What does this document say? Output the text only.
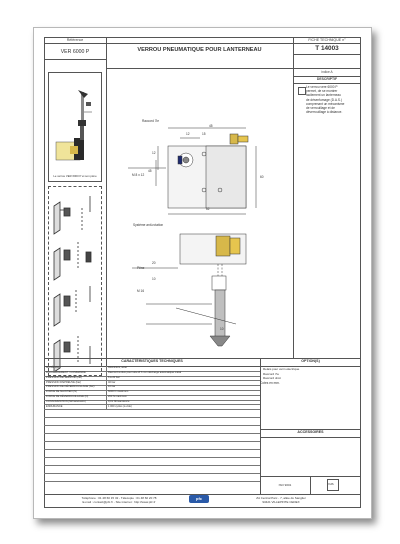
Référence
VER 6000 P	VERROU PNEUMATIQUE POUR LANTERNEAU
FICHE TECHNIQUE n°
T 14003
indice A
DESCRIPTIF
Le verrou vere 6000 P
permet, de se montrer
facilement un lanterneau
de désenfumage (D.A.S.)
comprenant un mécanisme
de verrouillage et de
déverrouillage à distance.
Le verrou VER 6000 P et son pêne
Raccord 7ie
M 8 x 12
Système anti-rotation
Pêne
M 16
Cotes en mm.
45
12	15
12
45
60
62
20
10
10
CARACTÉRISTIQUES TECHNIQUES	OPTION(S)
MATÉRIAUX	Aluminium, acier
RACCORDEMENT / COMMANDE	Raccord à olive pour tube Ø 6 mm décharge automatique métal
PRESSION DE SERVICE (bar)	6 à 20 bar
PRESSION D'ÉPREUVE (bar)	40 bar
PRESSION DE DÉVERROUILLAGE (bar)	10 bar
FORCE DE MAINTIEN (N)	6000 N maximum
FORCE DE DÉVERROUILLAGE (N)	200 N maximum
CONSOMMATION (Nl/manœuvre)	0,01 Nl/manœuvre
ENDURANCE	1 000 cycles (à vide)
Relais pour verin électrique
Raccord 7ie
Raccord droit
ACCESSOIRES
ISO 9001	VdS
Téléphone : 01 48 60 15 32 - Télécopie : 01 48 60 20 78
E-mail : contact@pfc.fr - Site internet : http://www.pfc.fr
pfc	ZA Central Parc - 7, allée du Sanglier
93421 VILLEPINTE CEDEX
